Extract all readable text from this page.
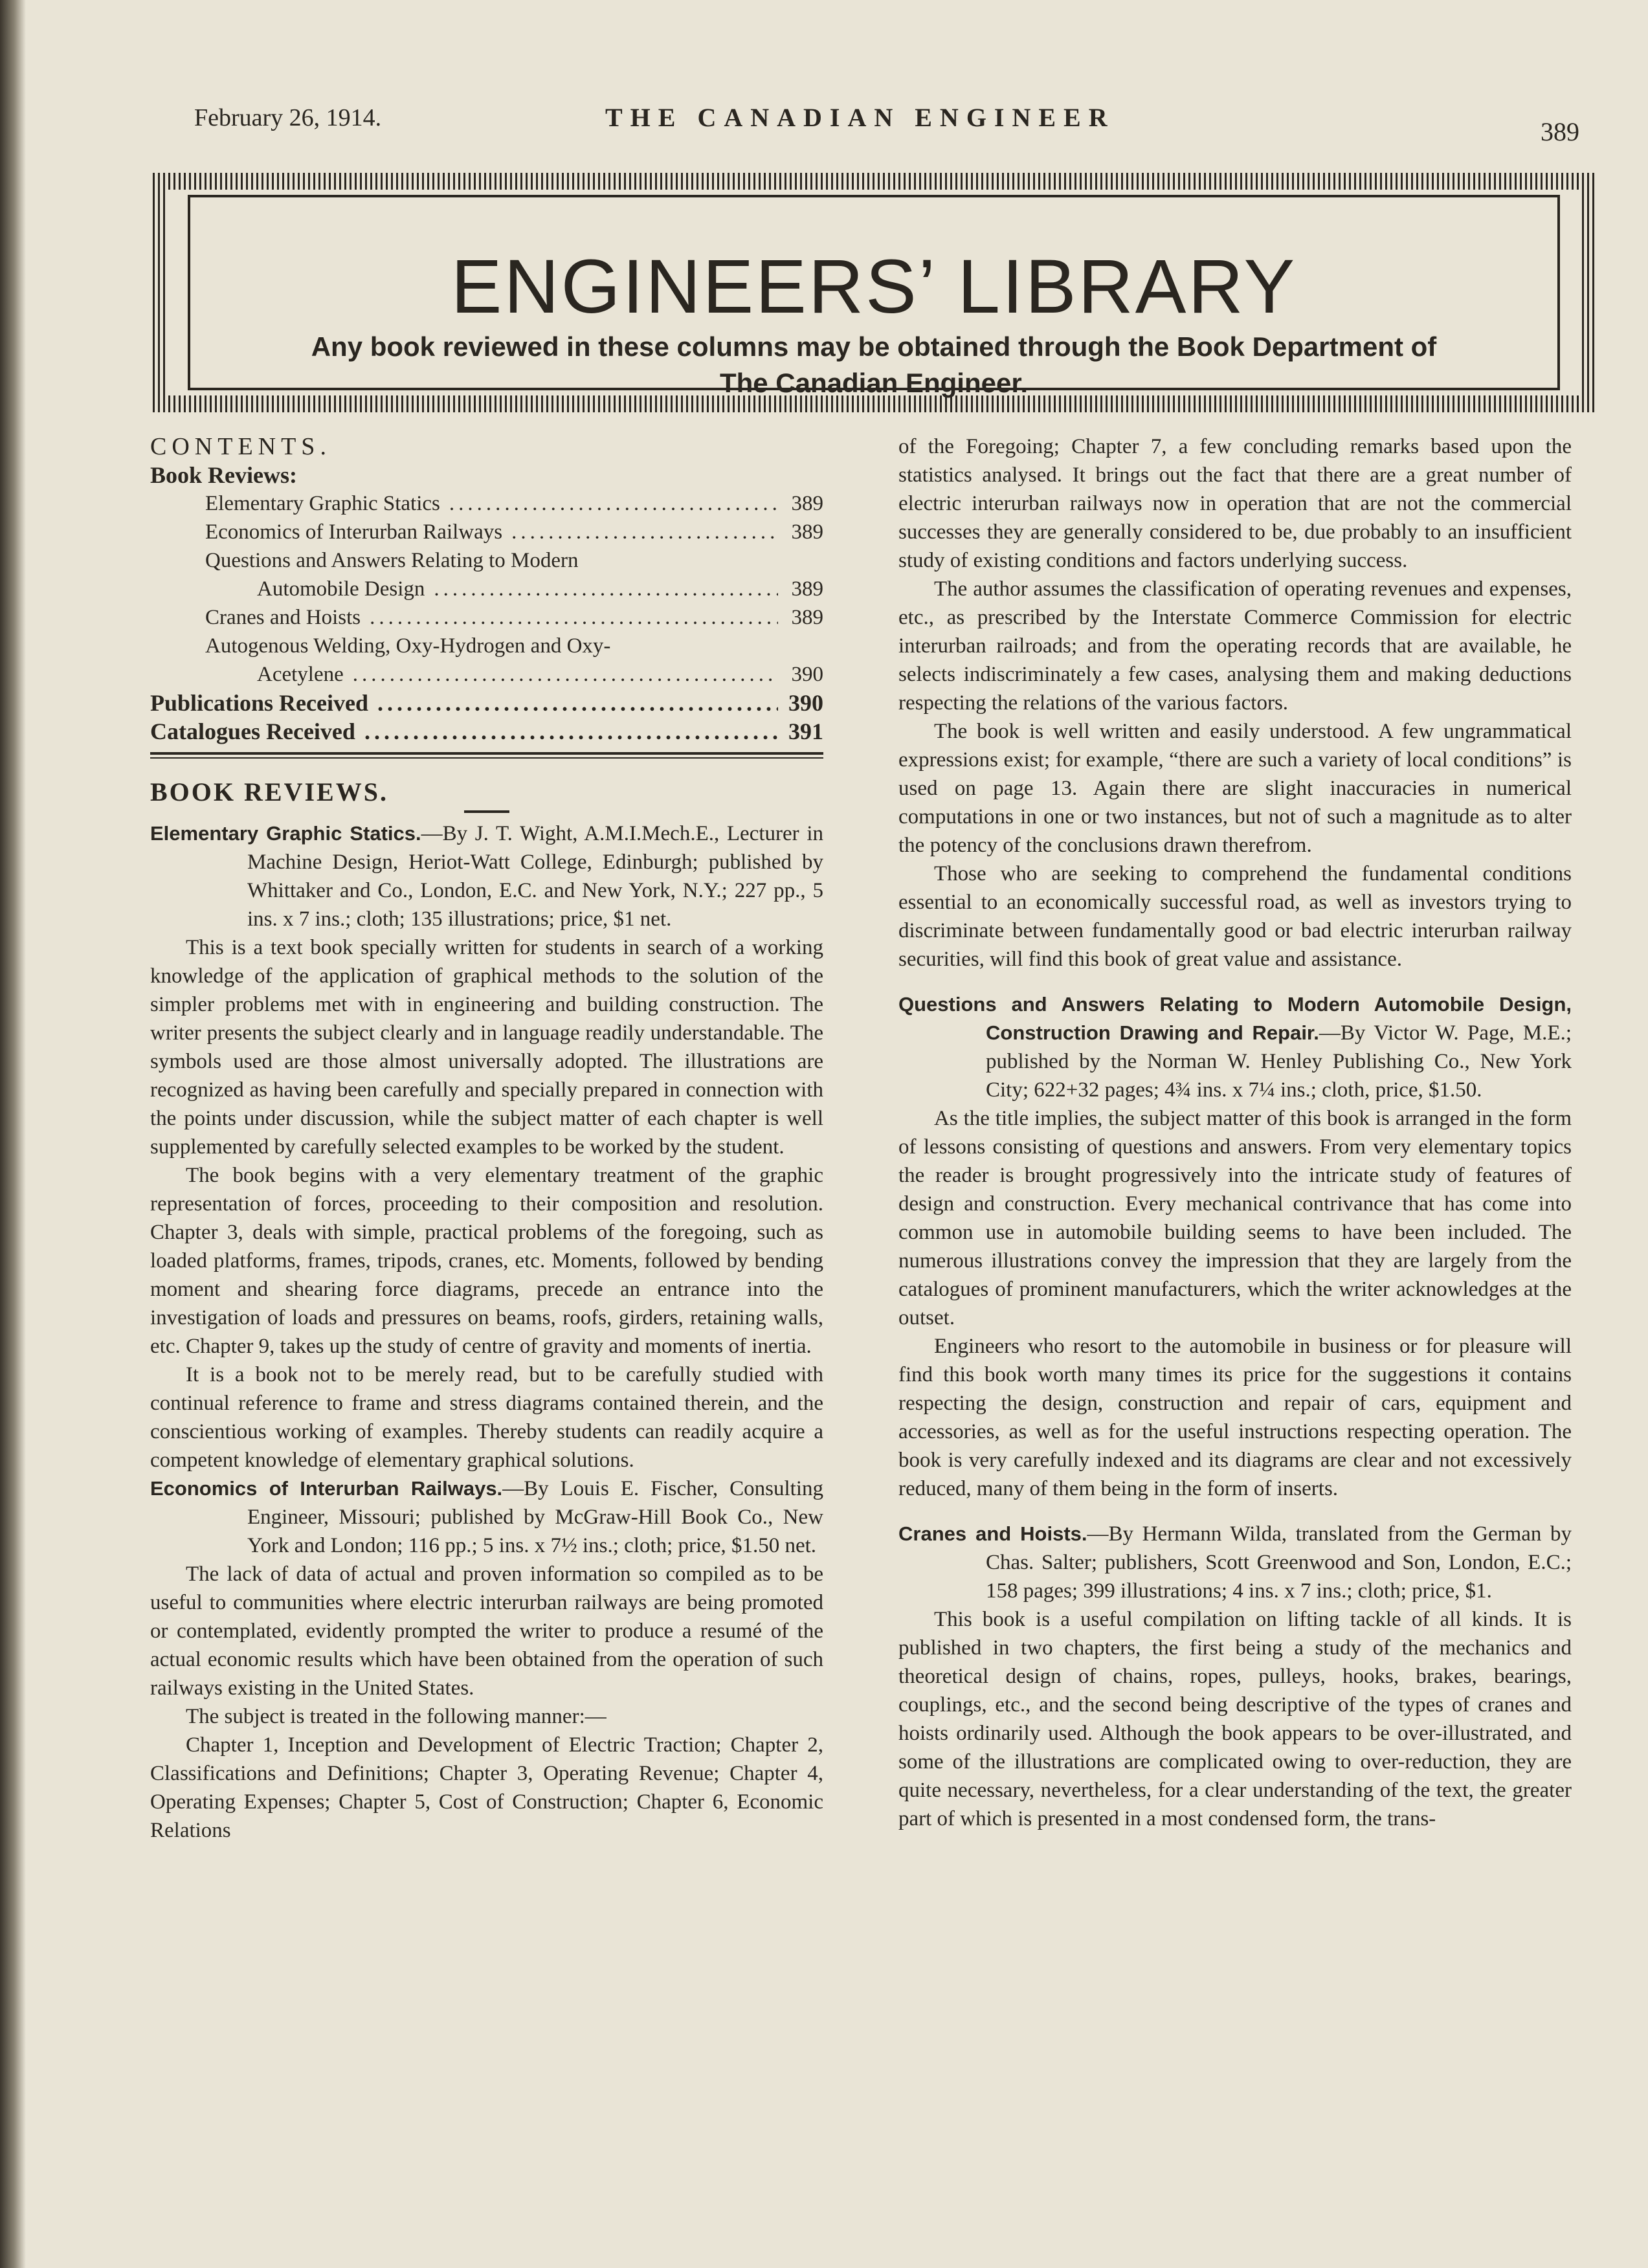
February 26, 1914.	THE CANADIAN ENGINEER	389
ENGINEERS’ LIBRARY
Any book reviewed in these columns may be obtained through the Book Department of
The Canadian Engineer.

CONTENTS.

Book Reviews:

Elementary Graphic Statics .....	389
Economics of Interurban Railways .....	389
Questions and Answers Relating to Modern
Automobile Design .....	389
Cranes and Hoists .....	389
Autogenous Welding, Oxy-Hydrogen and Oxy-
Acetylene .....	390
Publications Received .....	390
Catalogues Received .....	391

BOOK REVIEWS.

Elementary Graphic Statics.—By J. T. Wight, A.M.I.Mech.E., Lecturer in Machine Design, Heriot-Watt College, Edinburgh; published by Whittaker and Co., London, E.C. and New York, N.Y.; 227 pp., 5 ins. x 7 ins.; cloth; 135 illustrations; price, $1 net.

This is a text book specially written for students in search of a working knowledge of the application of graphical methods to the solution of the simpler problems met with in engineering and building construction. The writer presents the subject clearly and in language readily understandable. The symbols used are those almost universally adopted. The illustrations are recognized as having been carefully and specially prepared in connection with the points under discussion, while the subject matter of each chapter is well supplemented by carefully selected examples to be worked by the student.

The book begins with a very elementary treatment of the graphic representation of forces, proceeding to their composition and resolution. Chapter 3, deals with simple, practical problems of the foregoing, such as loaded platforms, frames, tripods, cranes, etc. Moments, followed by bending moment and shearing force diagrams, precede an entrance into the investigation of loads and pressures on beams, roofs, girders, retaining walls, etc. Chapter 9, takes up the study of centre of gravity and moments of inertia.

It is a book not to be merely read, but to be carefully studied with continual reference to frame and stress diagrams contained therein, and the conscientious working of examples. Thereby students can readily acquire a competent knowledge of elementary graphical solutions.

Economics of Interurban Railways.—By Louis E. Fischer, Consulting Engineer, Missouri; published by McGraw-Hill Book Co., New York and London; 116 pp.; 5 ins. x 7½ ins.; cloth; price, $1.50 net.

The lack of data of actual and proven information so compiled as to be useful to communities where electric interurban railways are being promoted or contemplated, evidently prompted the writer to produce a resumé of the actual economic results which have been obtained from the operation of such railways existing in the United States.

The subject is treated in the following manner:—

Chapter 1, Inception and Development of Electric Traction; Chapter 2, Classifications and Definitions; Chapter 3, Operating Revenue; Chapter 4, Operating Expenses; Chapter 5, Cost of Construction; Chapter 6, Economic Relations

of the Foregoing; Chapter 7, a few concluding remarks based upon the statistics analysed. It brings out the fact that there are a great number of electric interurban railways now in operation that are not the commercial successes they are generally considered to be, due probably to an insufficient study of existing conditions and factors underlying success.

The author assumes the classification of operating revenues and expenses, etc., as prescribed by the Interstate Commerce Commission for electric interurban railroads; and from the operating records that are available, he selects indiscriminately a few cases, analysing them and making deductions respecting the relations of the various factors.

The book is well written and easily understood. A few ungrammatical expressions exist; for example, “there are such a variety of local conditions” is used on page 13. Again there are slight inaccuracies in numerical computations in one or two instances, but not of such a magnitude as to alter the potency of the conclusions drawn therefrom.

Those who are seeking to comprehend the fundamental conditions essential to an economically successful road, as well as investors trying to discriminate between fundamentally good or bad electric interurban railway securities, will find this book of great value and assistance.

Questions and Answers Relating to Modern Automobile Design, Construction Drawing and Repair.—By Victor W. Page, M.E.; published by the Norman W. Henley Publishing Co., New York City; 622+32 pages; 4¾ ins. x 7¼ ins.; cloth, price, $1.50.

As the title implies, the subject matter of this book is arranged in the form of lessons consisting of questions and answers. From very elementary topics the reader is brought progressively into the intricate study of features of design and construction. Every mechanical contrivance that has come into common use in automobile building seems to have been included. The numerous illustrations convey the impression that they are largely from the catalogues of prominent manufacturers, which the writer acknowledges at the outset.

Engineers who resort to the automobile in business or for pleasure will find this book worth many times its price for the suggestions it contains respecting the design, construction and repair of cars, equipment and accessories, as well as for the useful instructions respecting operation. The book is very carefully indexed and its diagrams are clear and not excessively reduced, many of them being in the form of inserts.

Cranes and Hoists.—By Hermann Wilda, translated from the German by Chas. Salter; publishers, Scott Greenwood and Son, London, E.C.; 158 pages; 399 illustrations; 4 ins. x 7 ins.; cloth; price, $1.

This book is a useful compilation on lifting tackle of all kinds. It is published in two chapters, the first being a study of the mechanics and theoretical design of chains, ropes, pulleys, hooks, brakes, bearings, couplings, etc., and the second being descriptive of the types of cranes and hoists ordinarily used. Although the book appears to be over-illustrated, and some of the illustrations are complicated owing to over-reduction, they are quite necessary, nevertheless, for a clear understanding of the text, the greater part of which is presented in a most condensed form, the trans-
